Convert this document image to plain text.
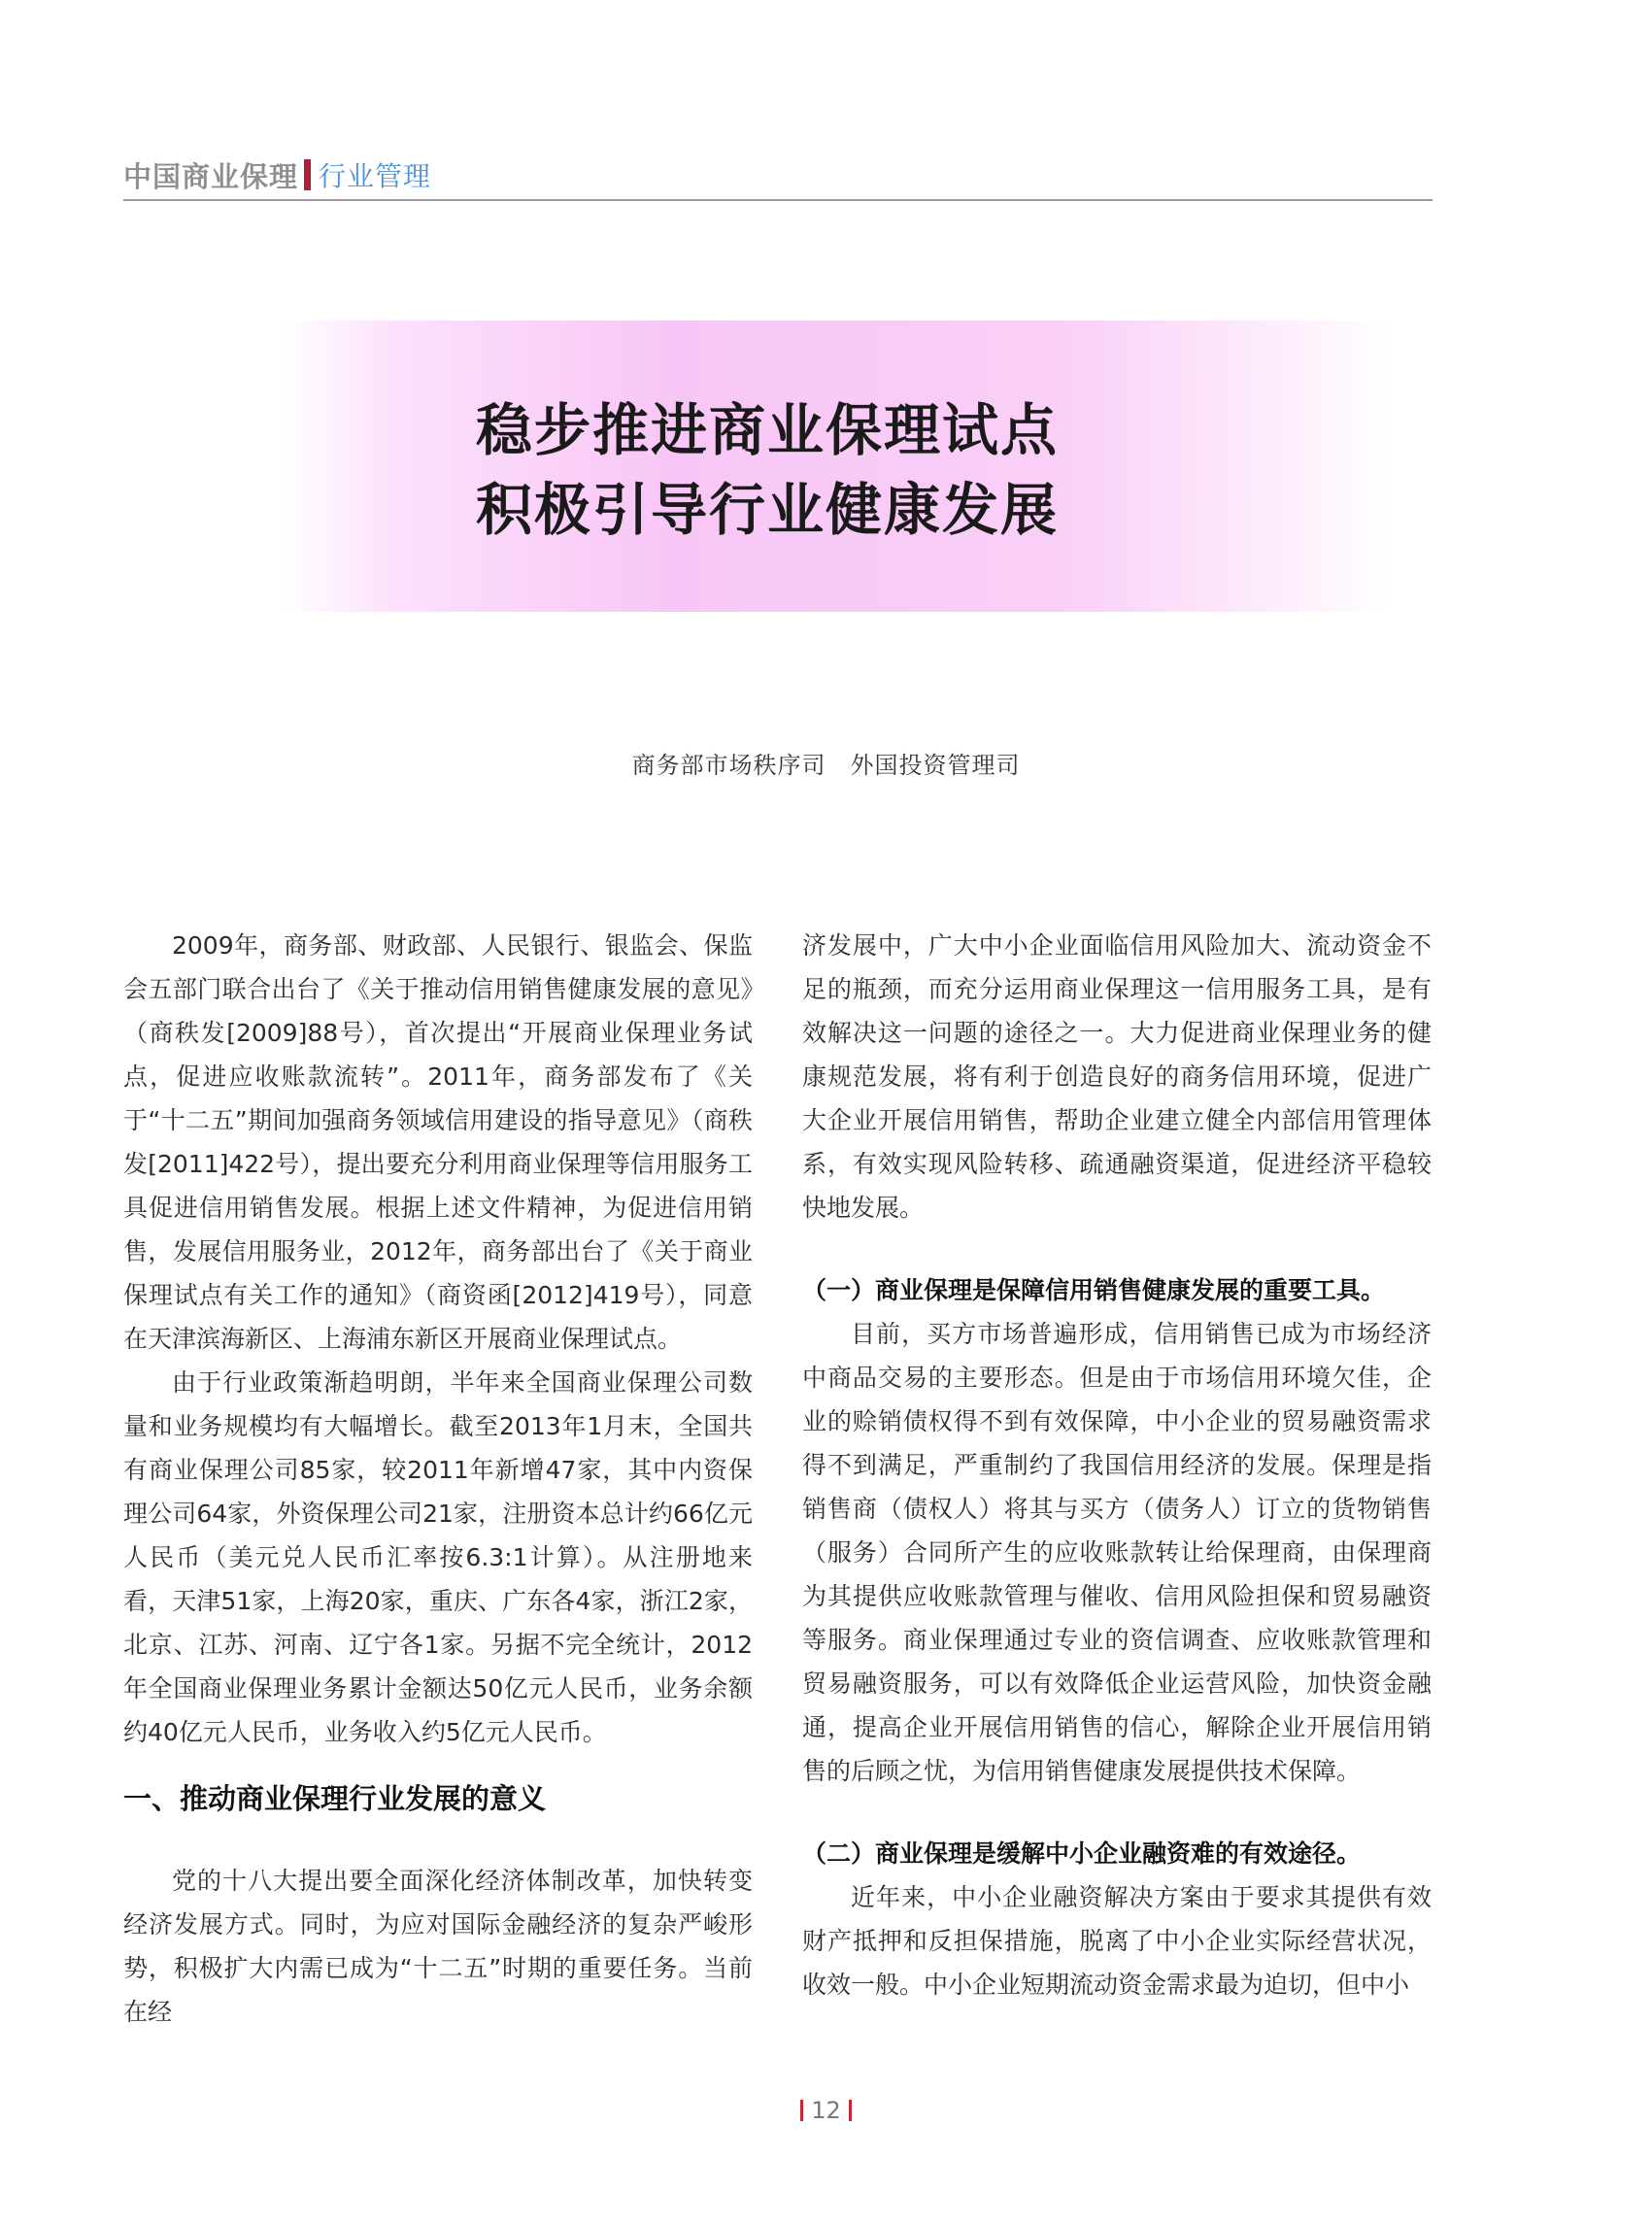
中国商业保理 行业管理
稳步推进商业保理试点
积极引导行业健康发展
商务部市场秩序司　外国投资管理司

2009年，商务部、财政部、人民银行、银监会、保监会五部门联合出台了《关于推动信用销售健康发展的意见》（商秩发[2009]88号），首次提出“开展商业保理业务试点，促进应收账款流转”。2011年，商务部发布了《关于“十二五”期间加强商务领域信用建设的指导意见》（商秩发[2011]422号），提出要充分利用商业保理等信用服务工具促进信用销售发展。根据上述文件精神，为促进信用销售，发展信用服务业，2012年，商务部出台了《关于商业保理试点有关工作的通知》（商资函[2012]419号），同意在天津滨海新区、上海浦东新区开展商业保理试点。

由于行业政策渐趋明朗，半年来全国商业保理公司数量和业务规模均有大幅增长。截至2013年1月末，全国共有商业保理公司85家，较2011年新增47家，其中内资保理公司64家，外资保理公司21家，注册资本总计约66亿元人民币（美元兑人民币汇率按6.3:1计算）。从注册地来看，天津51家，上海20家，重庆、广东各4家，浙江2家，北京、江苏、河南、辽宁各1家。另据不完全统计，2012年全国商业保理业务累计金额达50亿元人民币，业务余额约40亿元人民币，业务收入约5亿元人民币。

一、推动商业保理行业发展的意义

党的十八大提出要全面深化经济体制改革，加快转变经济发展方式。同时，为应对国际金融经济的复杂严峻形势，积极扩大内需已成为“十二五”时期的重要任务。当前在经

济发展中，广大中小企业面临信用风险加大、流动资金不足的瓶颈，而充分运用商业保理这一信用服务工具，是有效解决这一问题的途径之一。大力促进商业保理业务的健康规范发展，将有利于创造良好的商务信用环境，促进广大企业开展信用销售，帮助企业建立健全内部信用管理体系，有效实现风险转移、疏通融资渠道，促进经济平稳较快地发展。

（一）商业保理是保障信用销售健康发展的重要工具。

目前，买方市场普遍形成，信用销售已成为市场经济中商品交易的主要形态。但是由于市场信用环境欠佳，企业的赊销债权得不到有效保障，中小企业的贸易融资需求得不到满足，严重制约了我国信用经济的发展。保理是指销售商（债权人）将其与买方（债务人）订立的货物销售（服务）合同所产生的应收账款转让给保理商，由保理商为其提供应收账款管理与催收、信用风险担保和贸易融资等服务。商业保理通过专业的资信调查、应收账款管理和贸易融资服务，可以有效降低企业运营风险，加快资金融通，提高企业开展信用销售的信心，解除企业开展信用销售的后顾之忧，为信用销售健康发展提供技术保障。

（二）商业保理是缓解中小企业融资难的有效途径。

近年来，中小企业融资解决方案由于要求其提供有效财产抵押和反担保措施，脱离了中小企业实际经营状况，收效一般。中小企业短期流动资金需求最为迫切，但中小

12
